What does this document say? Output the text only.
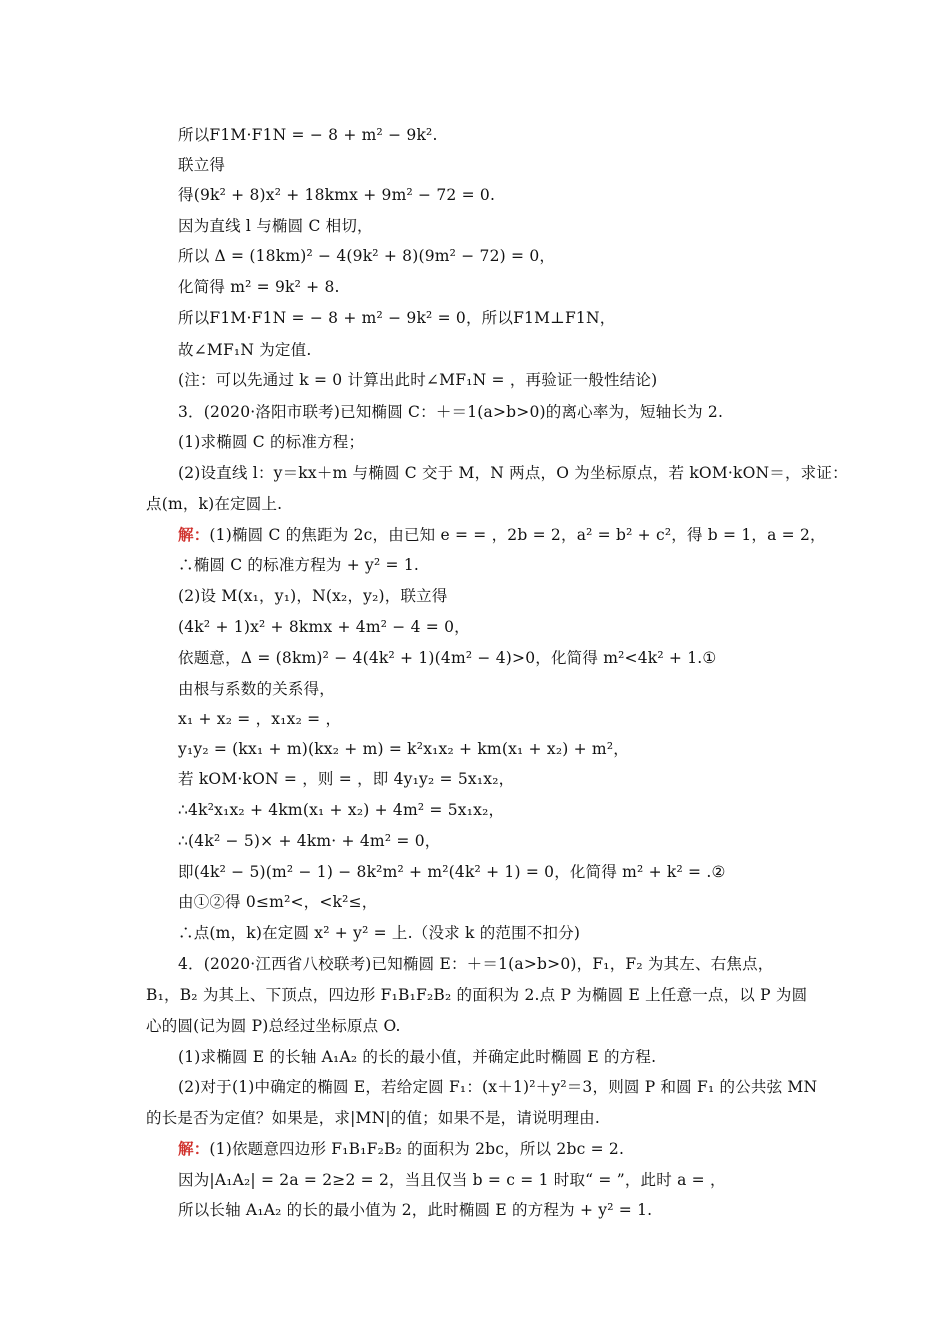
所以F1M·F1N = − 8 + m² − 9k².
联立得
得(9k² + 8)x² + 18kmx + 9m² − 72 = 0.
因为直线 l 与椭圆 C 相切，
所以 Δ = (18km)² − 4(9k² + 8)(9m² − 72) = 0，
化简得 m² = 9k² + 8.
所以F1M·F1N = − 8 + m² − 9k² = 0，所以F1M⊥F1N，
故∠MF₁N 为定值.
(注：可以先通过 k = 0 计算出此时∠MF₁N = ，再验证一般性结论)
3．(2020·洛阳市联考)已知椭圆 C：＋＝1(a>b>0)的离心率为，短轴长为 2.
(1)求椭圆 C 的标准方程；
(2)设直线 l：y＝kx＋m 与椭圆 C 交于 M，N 两点，O 为坐标原点，若 kOM·kON＝，求证：
点(m，k)在定圆上.
解：(1)椭圆 C 的焦距为 2c，由已知 e = = ，2b = 2，a² = b² + c²，得 b = 1，a = 2，
∴椭圆 C 的标准方程为 + y² = 1.
(2)设 M(x₁，y₁)，N(x₂，y₂)，联立得
(4k² + 1)x² + 8kmx + 4m² − 4 = 0，
依题意，Δ = (8km)² − 4(4k² + 1)(4m² − 4)>0，化简得 m²<4k² + 1.①
由根与系数的关系得，
x₁ + x₂ = ，x₁x₂ = ，
y₁y₂ = (kx₁ + m)(kx₂ + m) = k²x₁x₂ + km(x₁ + x₂) + m²，
若 kOM·kON = ，则 = ，即 4y₁y₂ = 5x₁x₂，
∴4k²x₁x₂ + 4km(x₁ + x₂) + 4m² = 5x₁x₂，
∴(4k² − 5)× + 4km· + 4m² = 0，
即(4k² − 5)(m² − 1) − 8k²m² + m²(4k² + 1) = 0，化简得 m² + k² = .②
由①②得 0≤m²<，<k²≤，
∴点(m，k)在定圆 x² + y² = 上.（没求 k 的范围不扣分)
4．(2020·江西省八校联考)已知椭圆 E：＋＝1(a>b>0)，F₁，F₂ 为其左、右焦点，
B₁，B₂ 为其上、下顶点，四边形 F₁B₁F₂B₂ 的面积为 2.点 P 为椭圆 E 上任意一点，以 P 为圆
心的圆(记为圆 P)总经过坐标原点 O.
(1)求椭圆 E 的长轴 A₁A₂ 的长的最小值，并确定此时椭圆 E 的方程.
(2)对于(1)中确定的椭圆 E，若给定圆 F₁：(x＋1)²＋y²＝3，则圆 P 和圆 F₁ 的公共弦 MN
的长是否为定值？如果是，求|MN|的值；如果不是，请说明理由.
解：(1)依题意四边形 F₁B₁F₂B₂ 的面积为 2bc，所以 2bc = 2.
因为|A₁A₂| = 2a = 2≥2 = 2，当且仅当 b = c = 1 时取“ = ”，此时 a = ，
所以长轴 A₁A₂ 的长的最小值为 2，此时椭圆 E 的方程为 + y² = 1.
